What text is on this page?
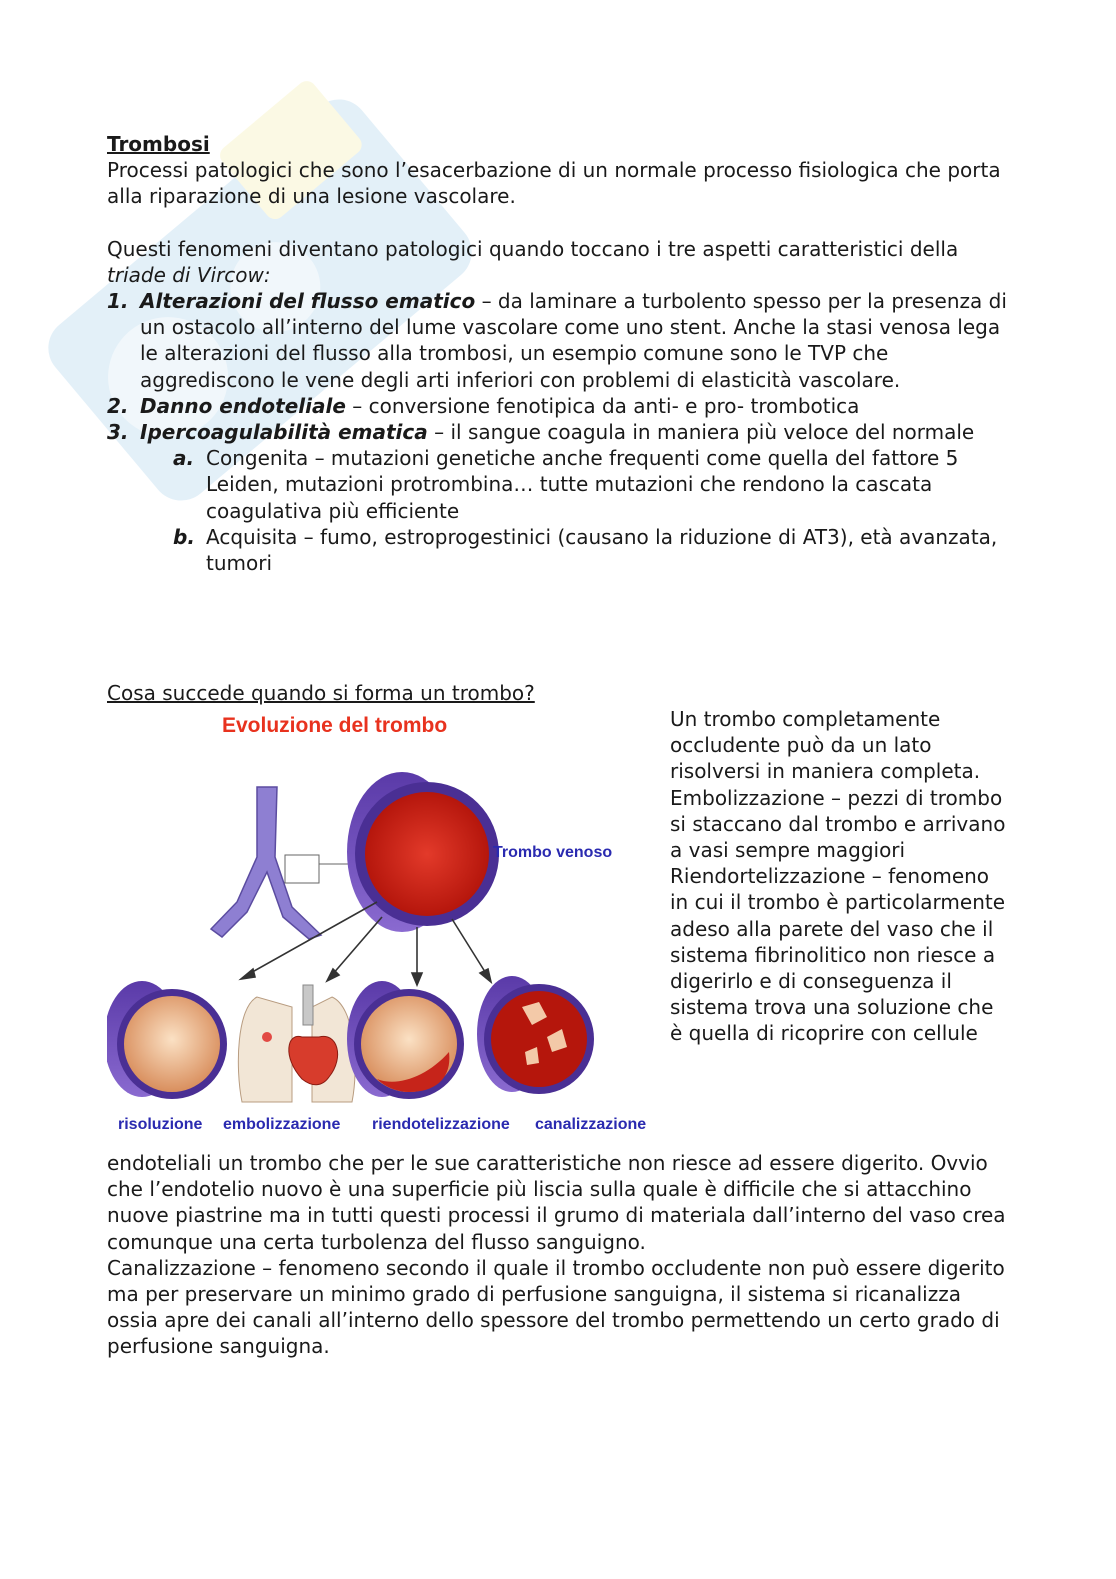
Trombosi

Processi patologici che sono l’esacerbazione di un normale processo fisiologica che porta alla riparazione di una lesione vascolare.

Questi fenomeni diventano patologici quando toccano i tre aspetti caratteristici della triade di Vircow:

1. Alterazioni del flusso ematico – da laminare a turbolento spesso per la presenza di un ostacolo all’interno del lume vascolare come uno stent. Anche la stasi venosa lega le alterazioni del flusso alla trombosi, un esempio comune sono le TVP che aggrediscono le vene degli arti inferiori con problemi di elasticità vascolare.
2. Danno endoteliale – conversione fenotipica da anti- e pro- trombotica
3. Ipercoagulabilità ematica – il sangue coagula in maniera più veloce del normale
a. Congenita – mutazioni genetiche anche frequenti come quella del fattore 5 Leiden, mutazioni protrombina… tutte mutazioni che rendono la cascata coagulativa più efficiente
b. Acquisita – fumo, estroprogestinici (causano la riduzione di AT3), età avanzata, tumori

Cosa succede quando si forma un trombo?

Evoluzione del trombo
Trombo venoso
risoluzione embolizzazione riendotelizzazione canalizzazione

Un trombo completamente occludente può da un lato risolversi in maniera completa. Embolizzazione – pezzi di trombo si staccano dal trombo e arrivano a vasi sempre maggiori Riendortelizzazione – fenomeno in cui il trombo è particolarmente adeso alla parete del vaso che il sistema fibrinolitico non riesce a digerirlo e di conseguenza il sistema trova una soluzione che è quella di ricoprire con cellule

endoteliali un trombo che per le sue caratteristiche non riesce ad essere digerito. Ovvio che l’endotelio nuovo è una superficie più liscia sulla quale è difficile che si attacchino nuove piastrine ma in tutti questi processi il grumo di materiala dall’interno del vaso crea comunque una certa turbolenza del flusso sanguigno.

Canalizzazione – fenomeno secondo il quale il trombo occludente non può essere digerito ma per preservare un minimo grado di perfusione sanguigna, il sistema si ricanalizza ossia apre dei canali all’interno dello spessore del trombo permettendo un certo grado di perfusione sanguigna.
